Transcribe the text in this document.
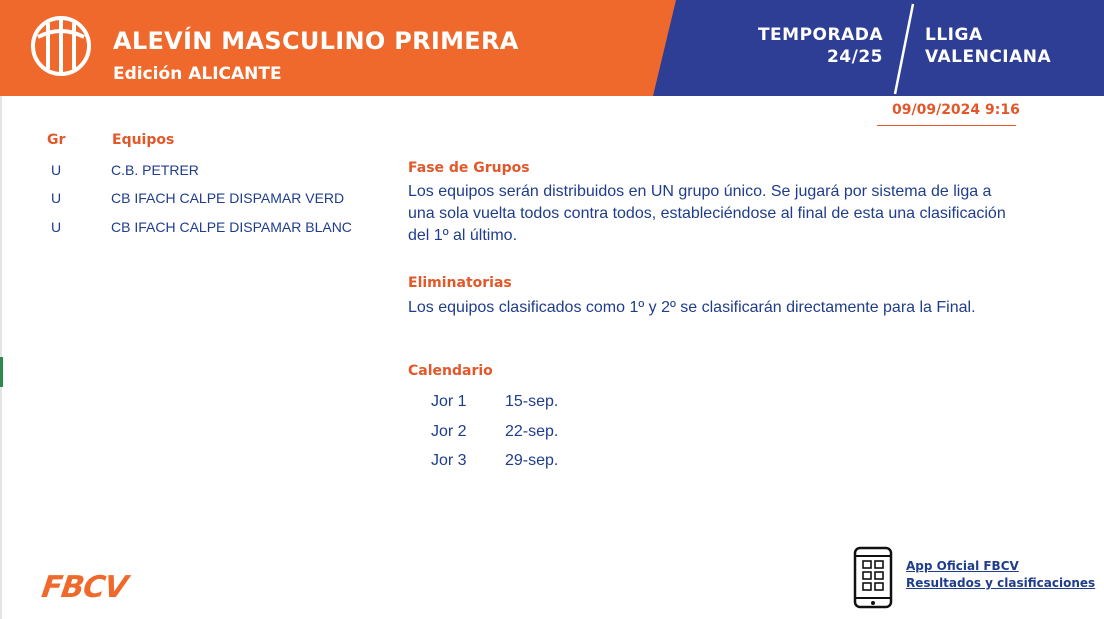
ALEVÍN MASCULINO PRIMERA
Edición ALICANTE
TEMPORADA
24/25
LLIGA
VALENCIANA
09/09/2024 9:16
Gr	Equipos
U	C.B. PETRER
U	CB IFACH CALPE DISPAMAR VERD
U	CB IFACH CALPE DISPAMAR BLANC
Fase de Grupos
Los equipos serán distribuidos en UN grupo único. Se jugará por sistema de liga a una sola vuelta todos contra todos, estableciéndose al final de esta una clasificación del 1º al último.
Eliminatorias
Los equipos clasificados como 1º y 2º se clasificarán directamente para la Final.
Calendario
Jor 1 15-sep.
Jor 2 22-sep.
Jor 3 29-sep.
FBCV
App Oficial FBCV
Resultados y clasificaciones
